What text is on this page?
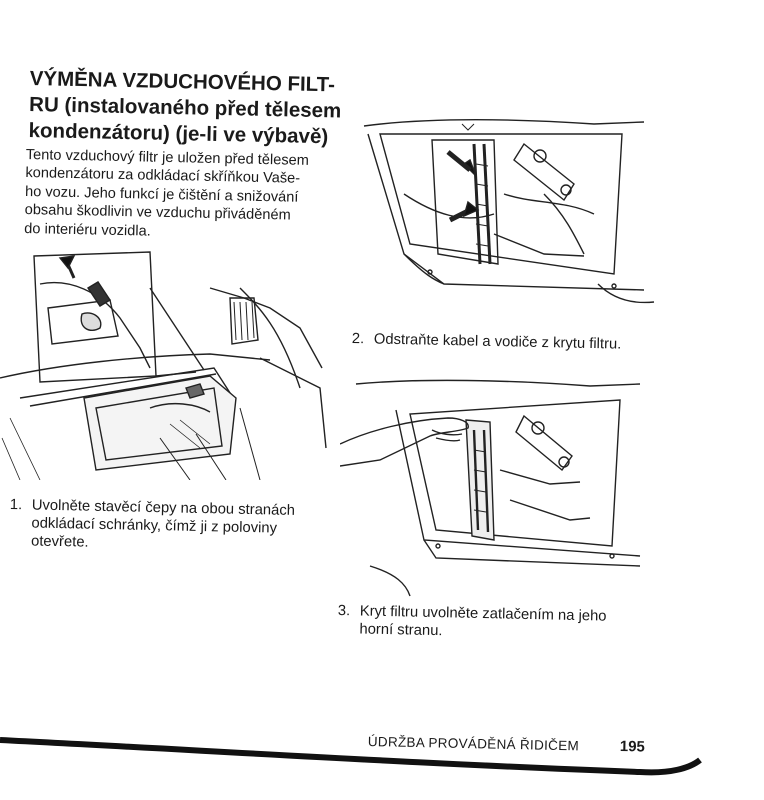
VÝMĚNA VZDUCHOVÉHO FILT-
RU (instalovaného před tělesem
kondenzátoru) (je-li ve výbavě)
Tento vzduchový filtr je uložen před tělesem
kondenzátoru za odkládací skříňkou Vaše-
ho vozu. Jeho funkcí je čištění a snižování
obsahu škodlivin ve vzduchu přiváděném
do interiéru vozidla.
1. Uvolněte stavěcí čepy na obou stranách
odkládací schránky, čímž ji z poloviny
otevřete.
2. Odstraňte kabel a vodiče z krytu filtru.
3. Kryt filtru uvolněte zatlačením na jeho
horní stranu.
ÚDRŽBA PROVÁDĚNÁ ŘIDIČEM	195
